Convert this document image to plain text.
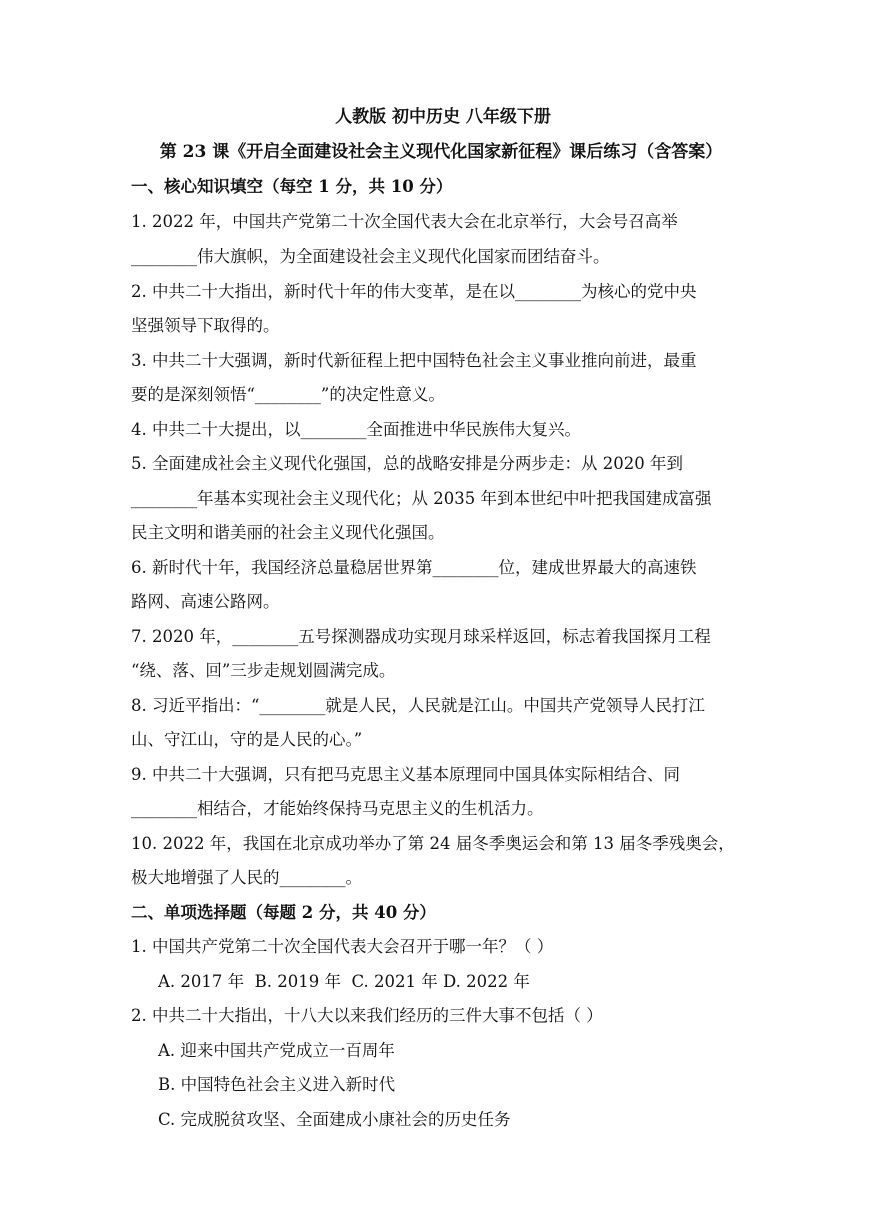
人教版 初中历史 八年级下册
第 23 课《开启全面建设社会主义现代化国家新征程》课后练习（含答案）
一、核心知识填空（每空 1 分，共 10 分）
1. 2022 年，中国共产党第二十次全国代表大会在北京举行，大会号召高举
________伟大旗帜，为全面建设社会主义现代化国家而团结奋斗。
2. 中共二十大指出，新时代十年的伟大变革，是在以________为核心的党中央
坚强领导下取得的。
3. 中共二十大强调，新时代新征程上把中国特色社会主义事业推向前进，最重
要的是深刻领悟“________”的决定性意义。
4. 中共二十大提出，以________全面推进中华民族伟大复兴。
5. 全面建成社会主义现代化强国，总的战略安排是分两步走：从 2020 年到
________年基本实现社会主义现代化；从 2035 年到本世纪中叶把我国建成富强
民主文明和谐美丽的社会主义现代化强国。
6. 新时代十年，我国经济总量稳居世界第________位，建成世界最大的高速铁
路网、高速公路网。
7. 2020 年，________五号探测器成功实现月球采样返回，标志着我国探月工程
“绕、落、回”三步走规划圆满完成。
8. 习近平指出：“________就是人民，人民就是江山。中国共产党领导人民打江
山、守江山，守的是人民的心。”
9. 中共二十大强调，只有把马克思主义基本原理同中国具体实际相结合、同
________相结合，才能始终保持马克思主义的生机活力。
10. 2022 年，我国在北京成功举办了第 24 届冬季奥运会和第 13 届冬季残奥会，
极大地增强了人民的________。
二、单项选择题（每题 2 分，共 40 分）
1. 中国共产党第二十次全国代表大会召开于哪一年？（ ）
A. 2017 年  B. 2019 年  C. 2021 年 D. 2022 年
2. 中共二十大指出，十八大以来我们经历的三件大事不包括（ ）
A. 迎来中国共产党成立一百周年
B. 中国特色社会主义进入新时代
C. 完成脱贫攻坚、全面建成小康社会的历史任务
